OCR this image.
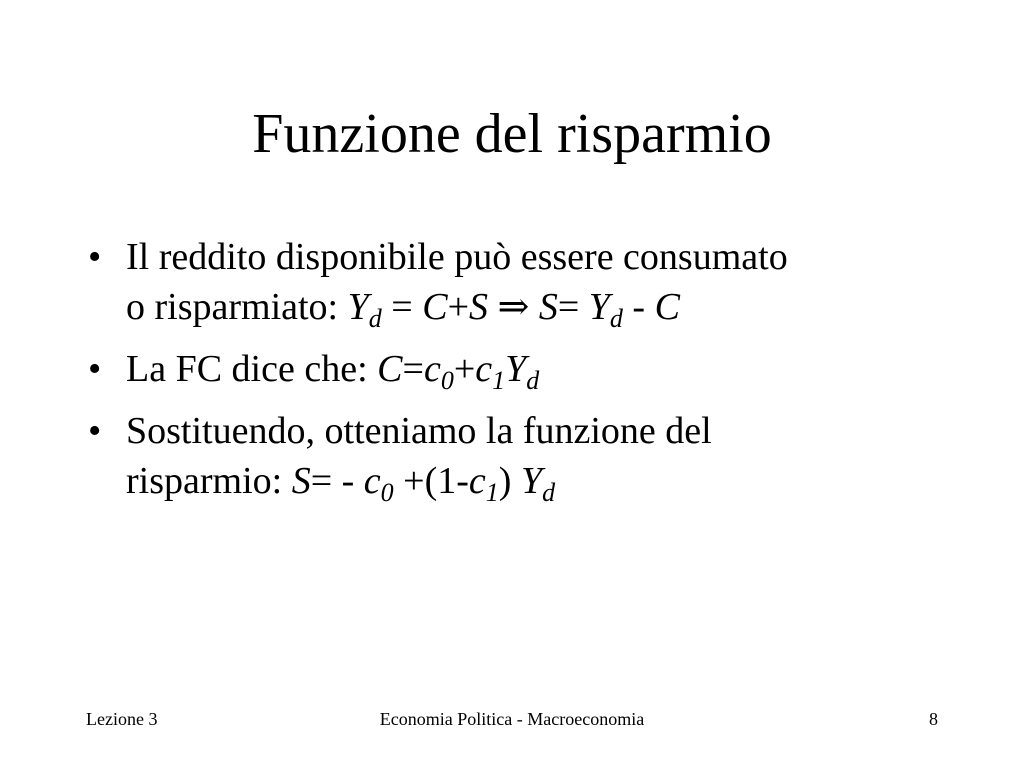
Funzione del risparmio
• Il reddito disponibile può essere consumato
o risparmiato: $Y_d = C+S$ ⇒ $S= Y_d - C$
• La FC dice che: $C=c_0+c_1Y_d$
• Sostituendo, otteniamo la funzione del
risparmio: $S= - c_0 +(1-c_1)$ $Y_d$
Lezione 3	Economia Politica - Macroeconomia	8
